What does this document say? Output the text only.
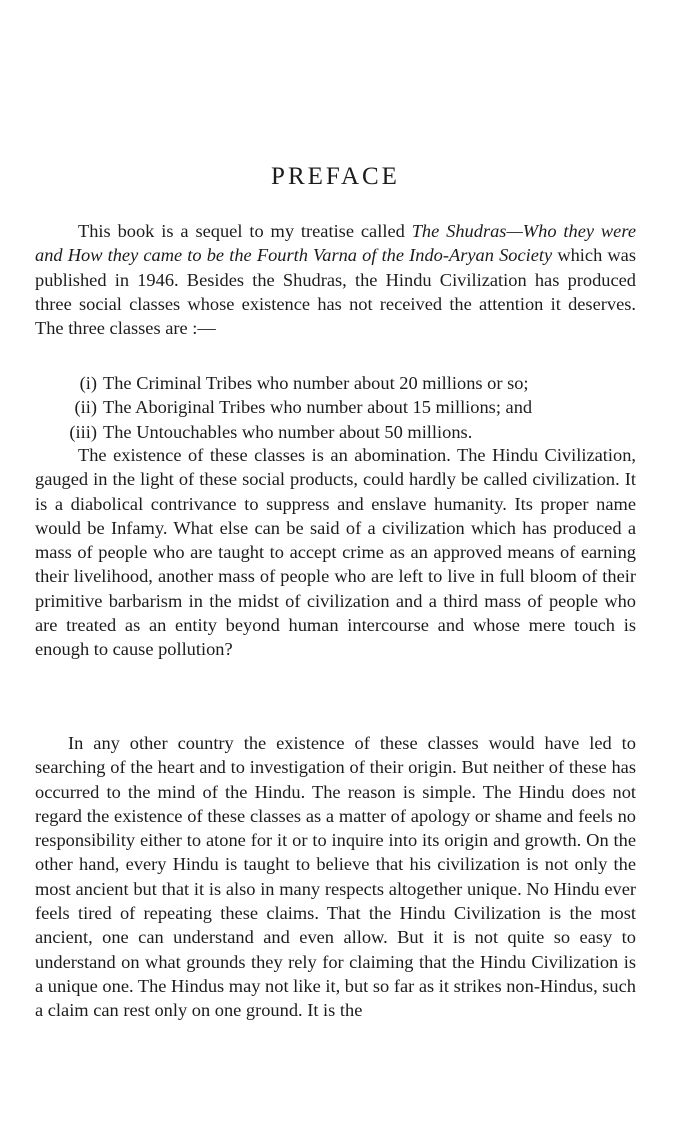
PREFACE

This book is a sequel to my treatise called The Shudras—Who they were and How they came to be the Fourth Varna of the Indo-Aryan Society which was published in 1946. Besides the Shudras, the Hindu Civilization has produced three social classes whose existence has not received the attention it deserves. The three classes are :—

(i) The Criminal Tribes who number about 20 millions or so;
(ii) The Aboriginal Tribes who number about 15 millions; and
(iii) The Untouchables who number about 50 millions.

The existence of these classes is an abomination. The Hindu Civilization, gauged in the light of these social products, could hardly be called civilization. It is a diabolical contrivance to suppress and enslave humanity. Its proper name would be Infamy. What else can be said of a civilization which has produced a mass of people who are taught to accept crime as an approved means of earning their livelihood, another mass of people who are left to live in full bloom of their primitive barbarism in the midst of civilization and a third mass of people who are treated as an entity beyond human intercourse and whose mere touch is enough to cause pollution?

In any other country the existence of these classes would have led to searching of the heart and to investigation of their origin. But neither of these has occurred to the mind of the Hindu. The reason is simple. The Hindu does not regard the existence of these classes as a matter of apology or shame and feels no responsibility either to atone for it or to inquire into its origin and growth. On the other hand, every Hindu is taught to believe that his civilization is not only the most ancient but that it is also in many respects altogether unique. No Hindu ever feels tired of repeating these claims. That the Hindu Civilization is the most ancient, one can understand and even allow. But it is not quite so easy to understand on what grounds they rely for claiming that the Hindu Civilization is a unique one. The Hindus may not like it, but so far as it strikes non-Hindus, such a claim can rest only on one ground. It is the
